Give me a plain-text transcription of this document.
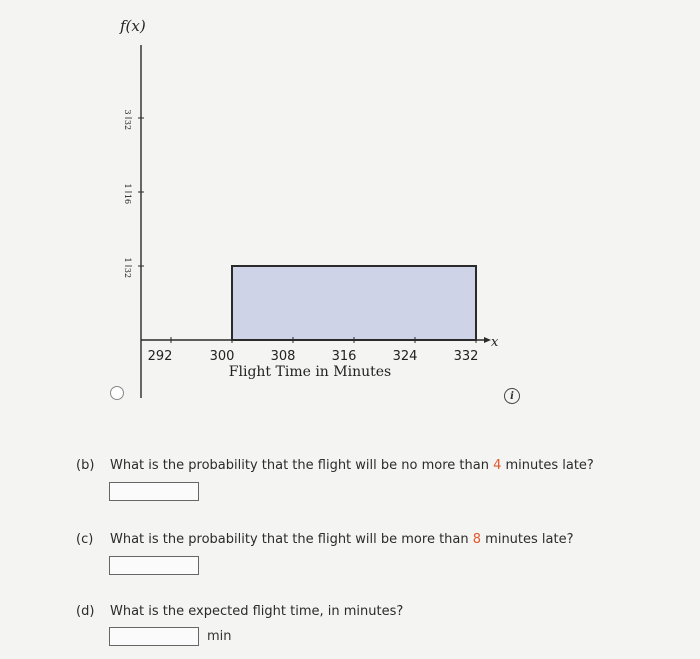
f(x)
x
292	300	308	316	324	332
Flight Time in Minutes
1
32
1
16
3
32
i
(b) What is the probability that the flight will be no more than 4 minutes late?
(c) What is the probability that the flight will be more than 8 minutes late?
(d) What is the expected flight time, in minutes?
min
